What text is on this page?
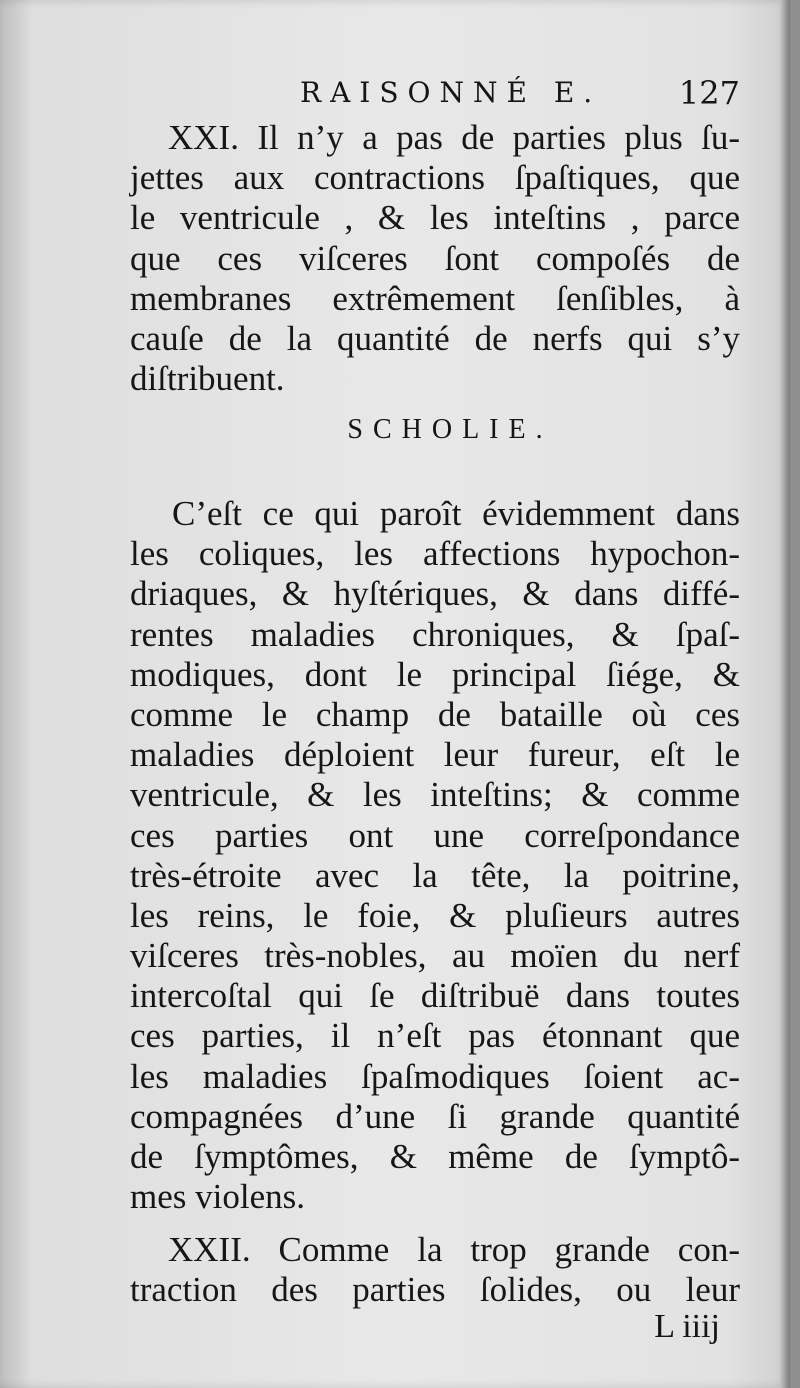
RAISONNÉ E. 127
XXI. Il n’y a pas de parties plus ſu-
jettes aux contractions ſpaſtiques, que
le ventricule , & les inteſtins , parce
que ces viſceres ſont compoſés de
membranes extrêmement ſenſibles, à
cauſe de la quantité de nerfs qui s’y
diſtribuent.
SCHOLIE.
C’eſt ce qui paroît évidemment dans
les coliques, les affections hypochon-
driaques, & hyſtériques, & dans diffé-
rentes maladies chroniques, & ſpaſ-
modiques, dont le principal ſiége, &
comme le champ de bataille où ces
maladies déploient leur fureur, eſt le
ventricule, & les inteſtins; & comme
ces parties ont une correſpondance
très-étroite avec la tête, la poitrine,
les reins, le foie, & pluſieurs autres
viſceres très-nobles, au moïen du nerf
intercoſtal qui ſe diſtribuë dans toutes
ces parties, il n’eſt pas étonnant que
les maladies ſpaſmodiques ſoient ac-
compagnées d’une ſi grande quantité
de ſymptômes, & même de ſymptô-
mes violens.
XXII. Comme la trop grande con-
traction des parties ſolides, ou leur
L iiij
